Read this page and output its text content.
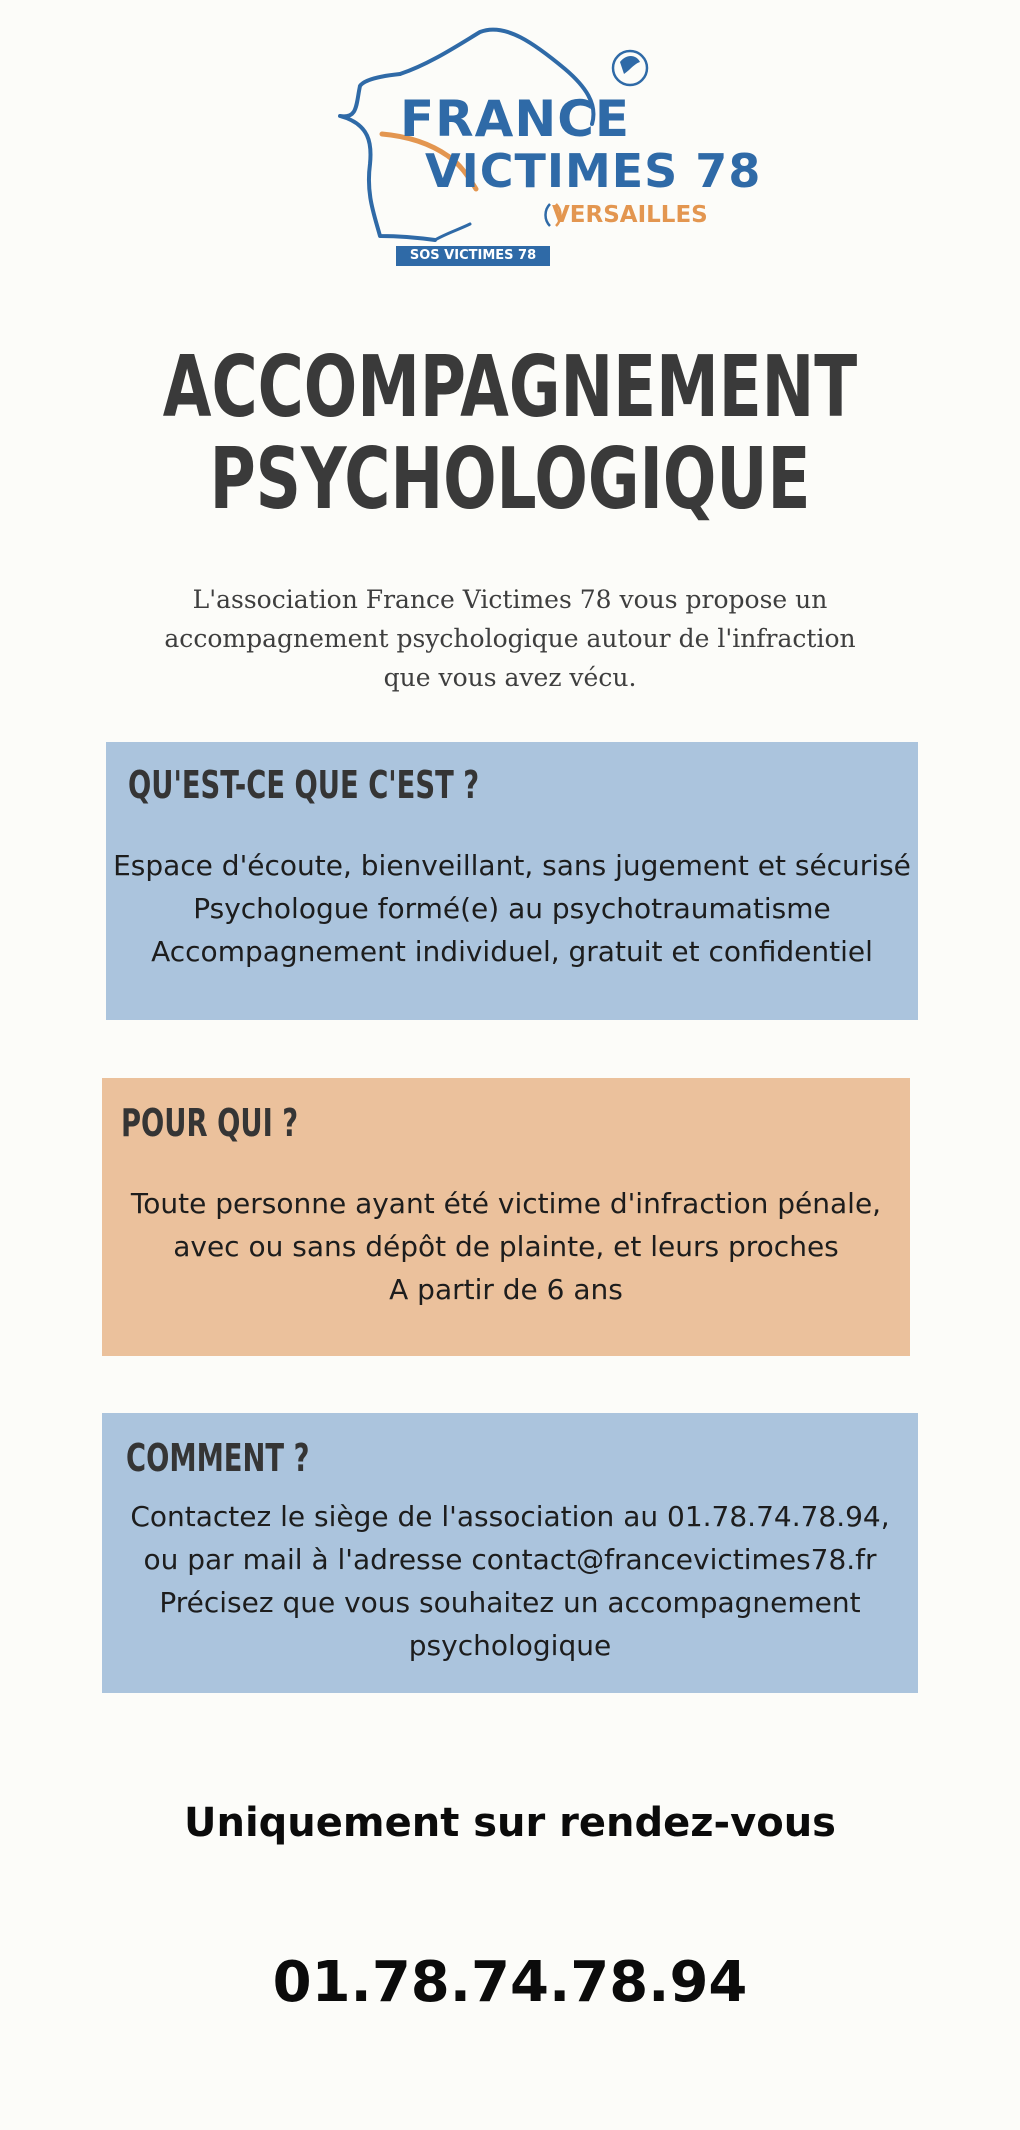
FRANCE
VICTIMES 78
VERSAILLES
SOS VICTIMES 78
ACCOMPAGNEMENT
PSYCHOLOGIQUE
L'association France Victimes 78 vous propose un
accompagnement psychologique autour de l'infraction
que vous avez vécu.
QU'EST-CE QUE C'EST ?
Espace d'écoute, bienveillant, sans jugement et sécurisé
Psychologue formé(e) au psychotraumatisme
Accompagnement individuel, gratuit et confidentiel
POUR QUI ?
Toute personne ayant été victime d'infraction pénale,
avec ou sans dépôt de plainte, et leurs proches
A partir de 6 ans
COMMENT ?
Contactez le siège de l'association au 01.78.74.78.94,
ou par mail à l'adresse contact@francevictimes78.fr
Précisez que vous souhaitez un accompagnement
psychologique
Uniquement sur rendez-vous
01.78.74.78.94
